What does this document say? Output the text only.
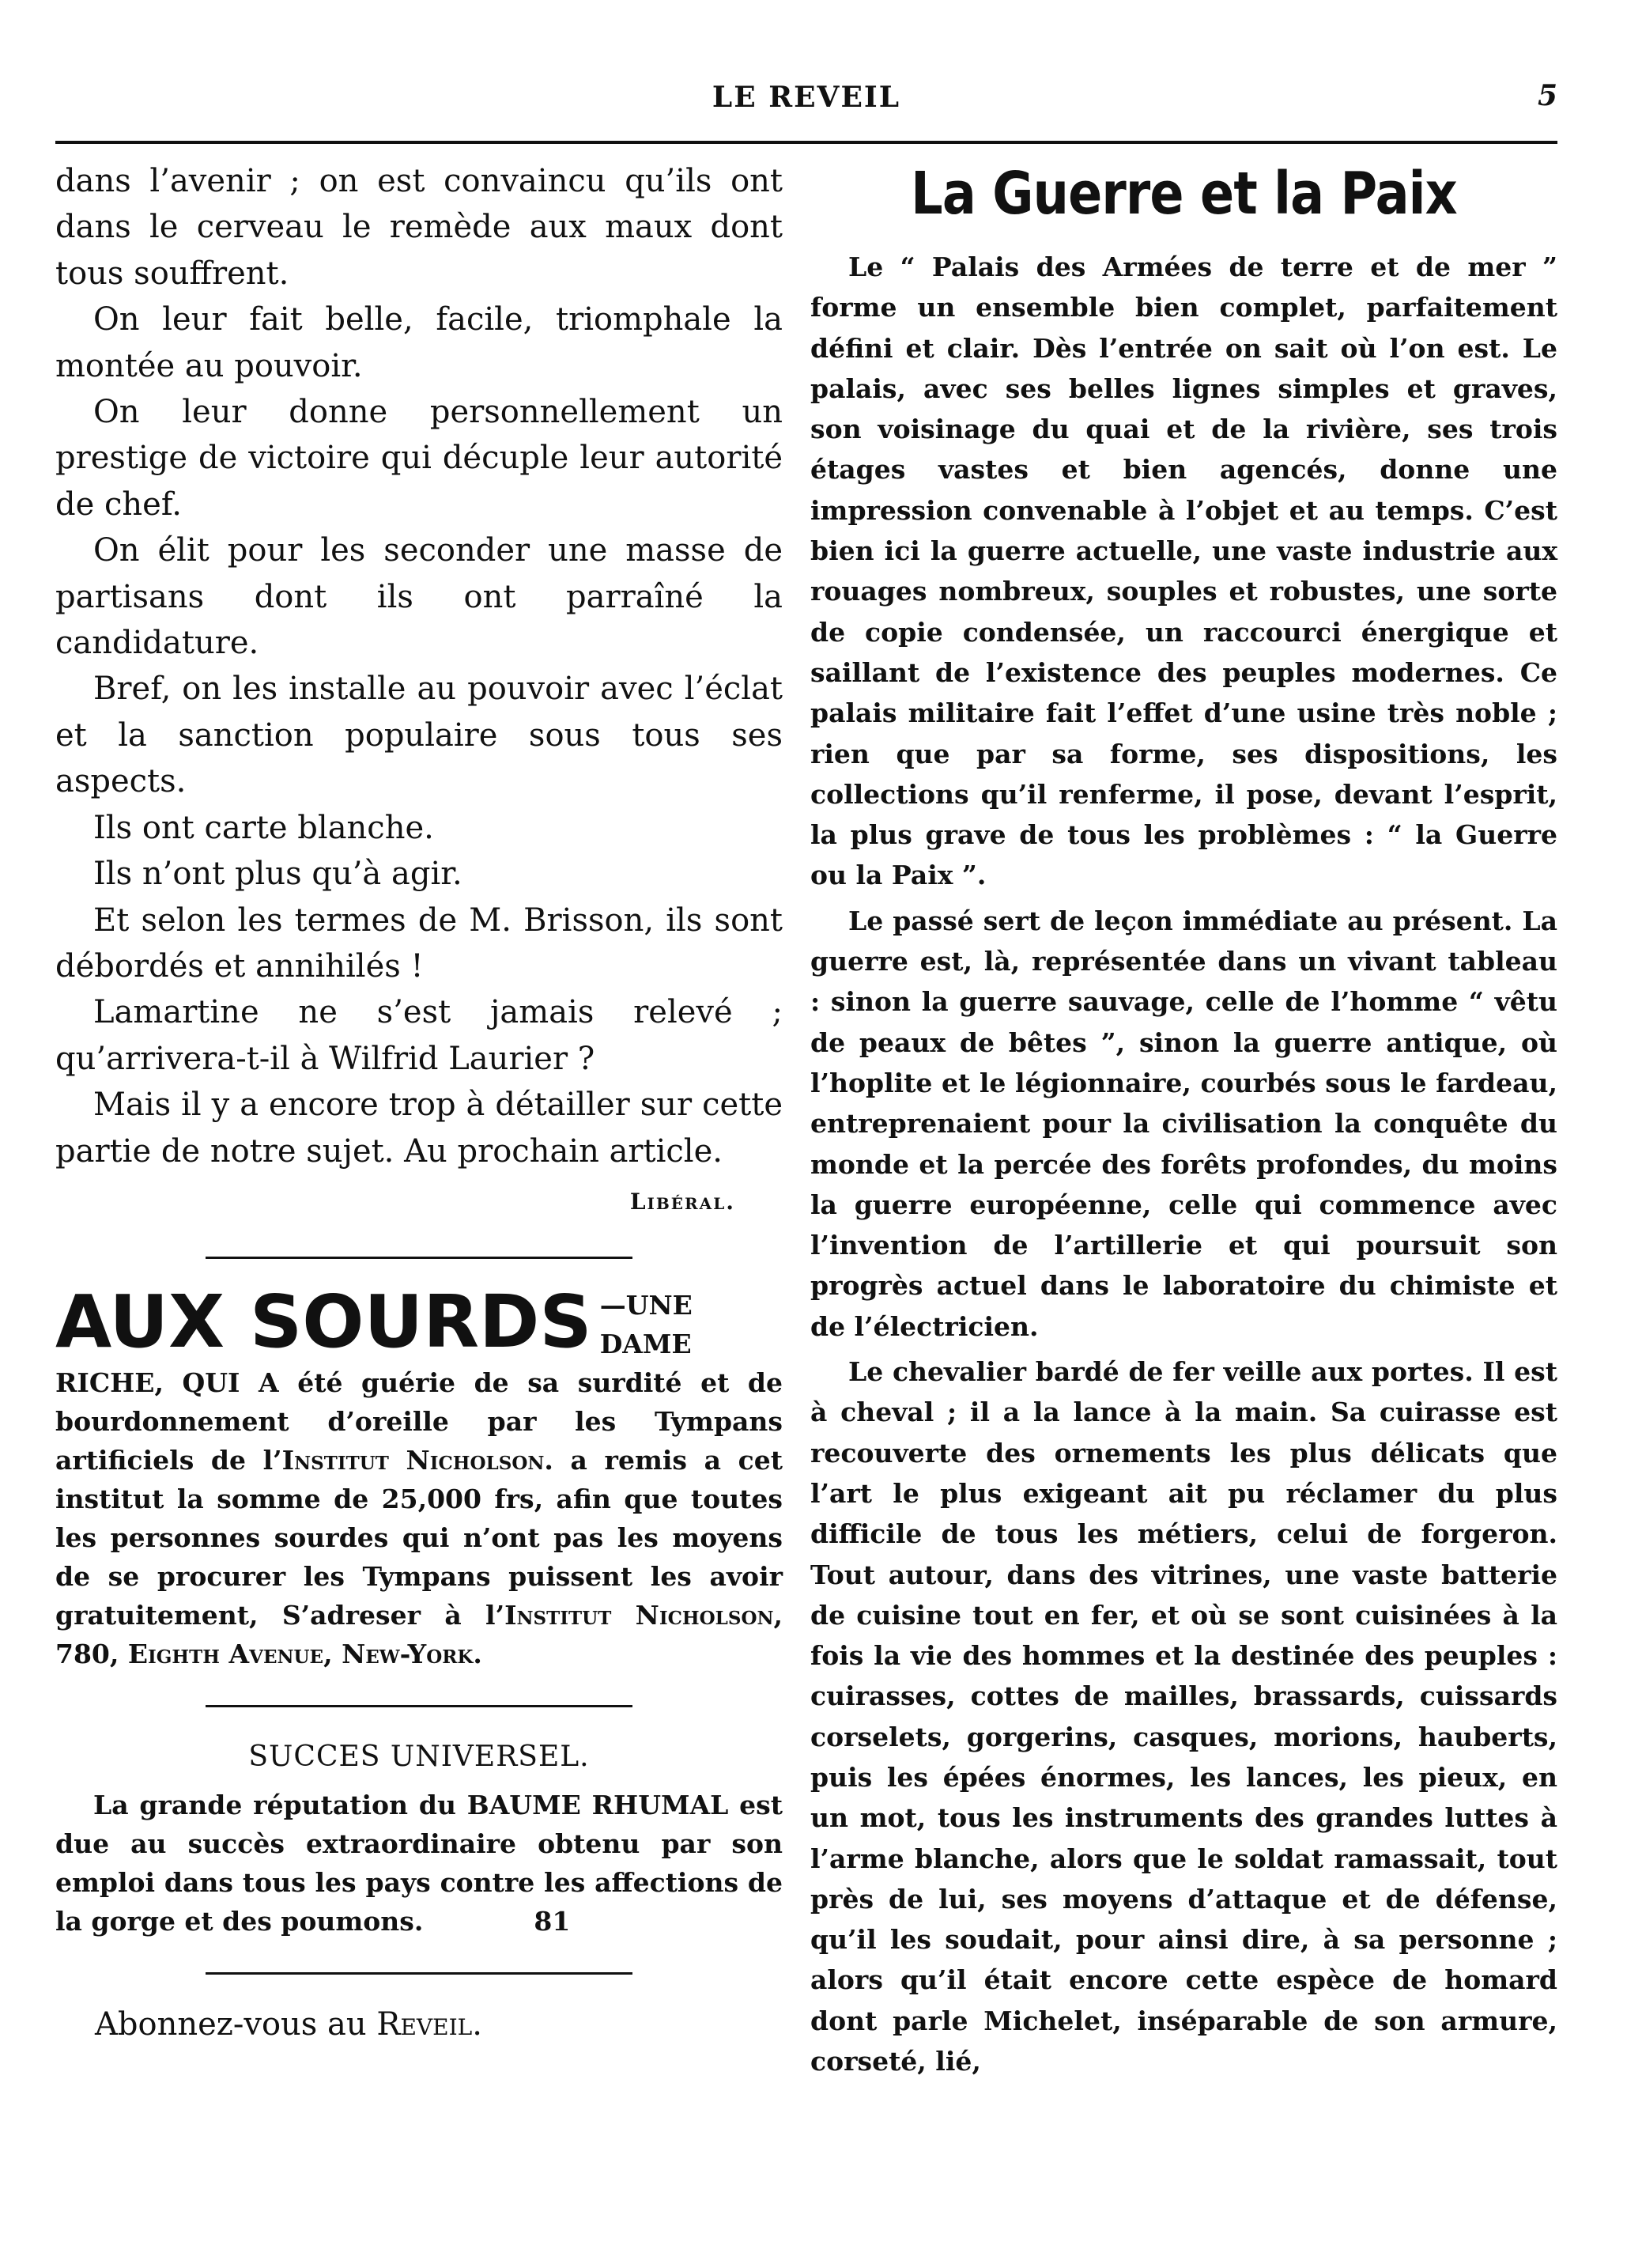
LE REVEIL	5

dans l’avenir ; on est convaincu qu’ils ont dans le cerveau le remède aux maux dont tous souffrent.

On leur fait belle, facile, triomphale la montée au pouvoir.

On leur donne personnellement un prestige de victoire qui décuple leur autorité de chef.

On élit pour les seconder une masse de partisans dont ils ont parraîné la candidature.

Bref, on les installe au pouvoir avec l’éclat et la sanction populaire sous tous ses aspects.

Ils ont carte blanche.

Ils n’ont plus qu’à agir.

Et selon les termes de M. Brisson, ils sont débordés et annihilés !

Lamartine ne s’est jamais relevé ; qu’arrivera-t-il à Wilfrid Laurier ?

Mais il y a encore trop à détailler sur cette partie de notre sujet. Au prochain article.

Libéral.

AUX SOURDS —UNE DAME RICHE, QUI A été guérie de sa surdité et de bourdonnement d’oreille par les Tympans artificiels de l’Institut Nicholson. a remis a cet institut la somme de 25,000 frs, afin que toutes les personnes sourdes qui n’ont pas les moyens de se procurer les Tympans puissent les avoir gratuitement, S’adreser à l’Institut Nicholson, 780, Eighth Avenue, New-York.

SUCCES UNIVERSEL.

La grande réputation du BAUME RHUMAL est due au succès extraordinaire obtenu par son emploi dans tous les pays contre les affections de la gorge et des poumons.	81

Abonnez-vous au Reveil.

La Guerre et la Paix

Le “ Palais des Armées de terre et de mer ” forme un ensemble bien complet, parfaitement défini et clair. Dès l’entrée on sait où l’on est. Le palais, avec ses belles lignes simples et graves, son voisinage du quai et de la rivière, ses trois étages vastes et bien agencés, donne une impression convenable à l’objet et au temps. C’est bien ici la guerre actuelle, une vaste industrie aux rouages nombreux, souples et robustes, une sorte de copie condensée, un raccourci énergique et saillant de l’existence des peuples modernes. Ce palais militaire fait l’effet d’une usine très noble ; rien que par sa forme, ses dispositions, les collections qu’il renferme, il pose, devant l’esprit, la plus grave de tous les problèmes : “ la Guerre ou la Paix ”.

Le passé sert de leçon immédiate au présent. La guerre est, là, représentée dans un vivant tableau : sinon la guerre sauvage, celle de l’homme “ vêtu de peaux de bêtes ”, sinon la guerre antique, où l’hoplite et le légionnaire, courbés sous le fardeau, entreprenaient pour la civilisation la conquête du monde et la percée des forêts profondes, du moins la guerre européenne, celle qui commence avec l’invention de l’artillerie et qui poursuit son progrès actuel dans le laboratoire du chimiste et de l’électricien.

Le chevalier bardé de fer veille aux portes. Il est à cheval ; il a la lance à la main. Sa cuirasse est recouverte des ornements les plus délicats que l’art le plus exigeant ait pu réclamer du plus difficile de tous les métiers, celui de forgeron. Tout autour, dans des vitrines, une vaste batterie de cuisine tout en fer, et où se sont cuisinées à la fois la vie des hommes et la destinée des peuples : cuirasses, cottes de mailles, brassards, cuissards corselets, gorgerins, casques, morions, hauberts, puis les épées énormes, les lances, les pieux, en un mot, tous les instruments des grandes luttes à l’arme blanche, alors que le soldat ramassait, tout près de lui, ses moyens d’attaque et de défense, qu’il les soudait, pour ainsi dire, à sa personne ; alors qu’il était encore cette espèce de homard dont parle Michelet, inséparable de son armure, corseté, lié,
